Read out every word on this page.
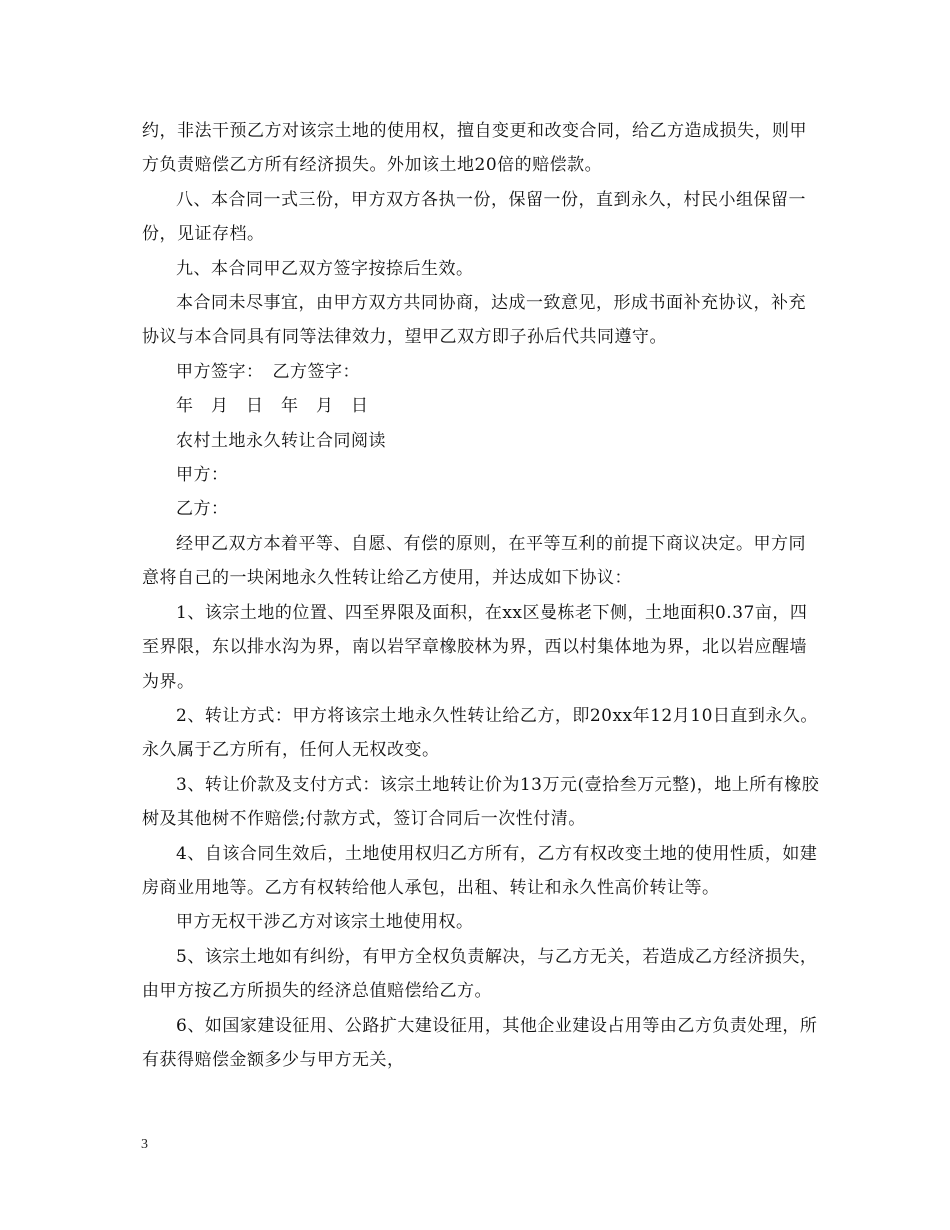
约，非法干预乙方对该宗土地的使用权，擅自变更和改变合同，给乙方造成损失，则甲方负责赔偿乙方所有经济损失。外加该土地20倍的赔偿款。

八、本合同一式三份，甲方双方各执一份，保留一份，直到永久，村民小组保留一份，见证存档。

九、本合同甲乙双方签字按捺后生效。

本合同未尽事宜，由甲方双方共同协商，达成一致意见，形成书面补充协议，补充协议与本合同具有同等法律效力，望甲乙双方即子孙后代共同遵守。

甲方签字：　乙方签字：

年　月　日　年　月　日

农村土地永久转让合同阅读

甲方：

乙方：

经甲乙双方本着平等、自愿、有偿的原则，在平等互利的前提下商议决定。甲方同意将自己的一块闲地永久性转让给乙方使用，并达成如下协议：

1、该宗土地的位置、四至界限及面积，在xx区曼栋老下侧，土地面积0.37亩，四至界限，东以排水沟为界，南以岩罕章橡胶林为界，西以村集体地为界，北以岩应醒墙为界。

2、转让方式：甲方将该宗土地永久性转让给乙方，即20xx年12月10日直到永久。永久属于乙方所有，任何人无权改变。

3、转让价款及支付方式：该宗土地转让价为13万元(壹拾叁万元整)，地上所有橡胶树及其他树不作赔偿;付款方式，签订合同后一次性付清。

4、自该合同生效后，土地使用权归乙方所有，乙方有权改变土地的使用性质，如建房商业用地等。乙方有权转给他人承包，出租、转让和永久性高价转让等。

甲方无权干涉乙方对该宗土地使用权。

5、该宗土地如有纠纷，有甲方全权负责解决，与乙方无关，若造成乙方经济损失，由甲方按乙方所损失的经济总值赔偿给乙方。

6、如国家建设征用、公路扩大建设征用，其他企业建设占用等由乙方负责处理，所有获得赔偿金额多少与甲方无关，

3
